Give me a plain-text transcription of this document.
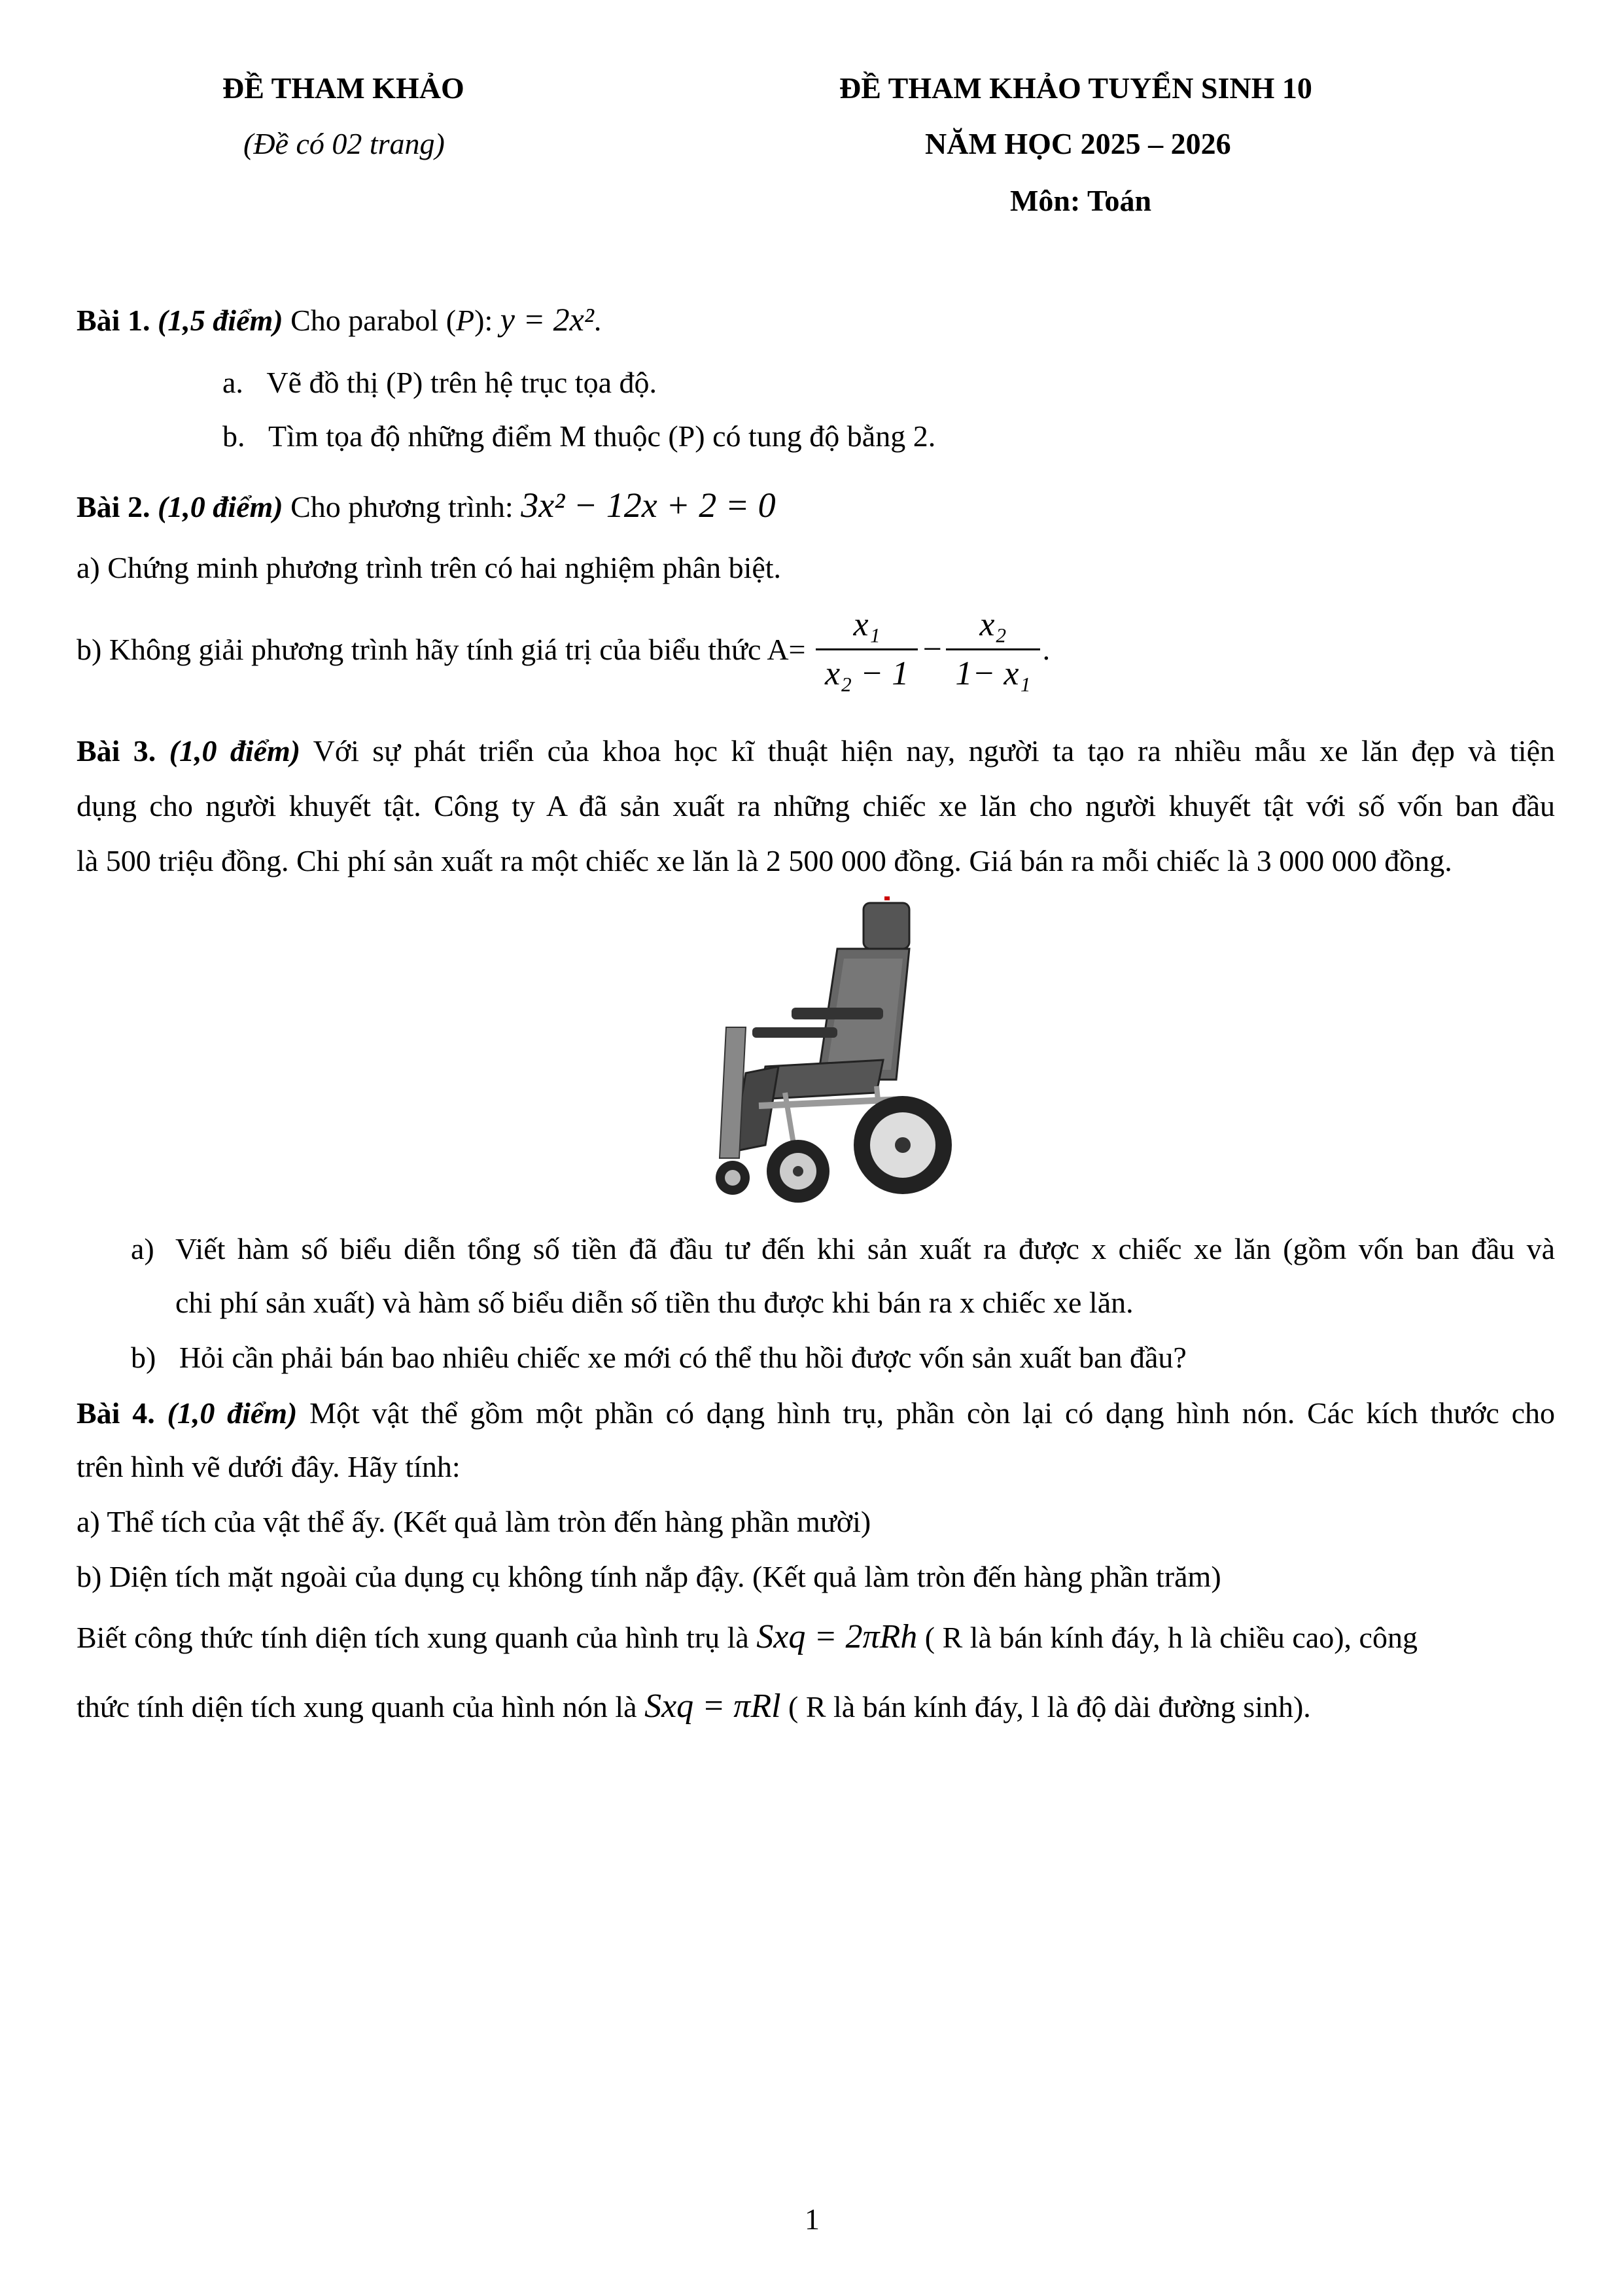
ĐỀ THAM KHẢO
(Đề có 02 trang)
ĐỀ THAM KHẢO TUYỂN SINH 10
NĂM HỌC 2025 – 2026
Môn: Toán
Bài 1. (1,5 điểm) Cho parabol (P): y = 2x².
a. Vẽ đồ thị (P) trên hệ trục tọa độ.
b. Tìm tọa độ những điểm M thuộc (P) có tung độ bằng 2.
Bài 2. (1,0 điểm) Cho phương trình: 3x² − 12x + 2 = 0
a) Chứng minh phương trình trên có hai nghiệm phân biệt.
b) Không giải phương trình hãy tính giá trị của biểu thức $A= \frac{\text{x₁}}{\text{x₂ − 1}} - \frac{\text{x₂}}{\text{1− x₁}}$ .
Bài 3. (1,0 điểm) Với sự phát triển của khoa học kĩ thuật hiện nay, người ta tạo ra nhiều mẫu xe lăn đẹp và tiện
dụng cho người khuyết tật. Công ty A đã sản xuất ra những chiếc xe lăn cho người khuyết tật với số vốn ban đầu
là 500 triệu đồng. Chi phí sản xuất ra một chiếc xe lăn là 2 500 000 đồng. Giá bán ra mỗi chiếc là 3 000 000 đồng.
a) Viết hàm số biểu diễn tổng số tiền đã đầu tư đến khi sản xuất ra được x chiếc xe lăn (gồm vốn ban đầu và
chi phí sản xuất) và hàm số biểu diễn số tiền thu được khi bán ra x chiếc xe lăn.
b) Hỏi cần phải bán bao nhiêu chiếc xe mới có thể thu hồi được vốn sản xuất ban đầu?
Bài 4. (1,0 điểm) Một vật thể gồm một phần có dạng hình trụ, phần còn lại có dạng hình nón. Các kích thước cho
trên hình vẽ dưới đây. Hãy tính:
a) Thể tích của vật thể ấy. (Kết quả làm tròn đến hàng phần mười)
b) Diện tích mặt ngoài của dụng cụ không tính nắp đậy. (Kết quả làm tròn đến hàng phần trăm)
Biết công thức tính diện tích xung quanh của hình trụ là Sxq = 2πRh ( R là bán kính đáy, h là chiều cao), công
thức tính diện tích xung quanh của hình nón là Sxq = πRl ( R là bán kính đáy, l là độ dài đường sinh).
1
